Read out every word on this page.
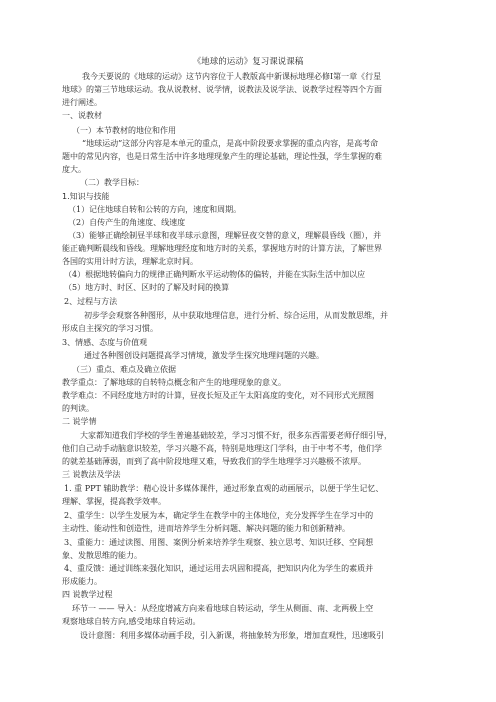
《地球的运动》复习课说课稿
我今天要说的《地球的运动》这节内容位于人教版高中新课标地理必修Ⅰ第一章《行星
地球》的第三节地球运动。我从说教材、说学情，说教法及说学法、说教学过程等四个方面
进行阐述。
一、说教材
（一）本节教材的地位和作用
“地球运动”这部分内容是本单元的重点，是高中阶段要求掌握的重点内容，是高考命
题中的常见内容，也是日常生活中许多地理现象产生的理论基础，理论性强，学生掌握的难
度大。
（二）教学目标：
1.知识与技能
（1）记住地球自转和公转的方向，速度和周期。
（2）自传产生的角速度、线速度
（3）能够正确绘制昼半球和夜半球示意图，理解昼夜交替的意义，理解晨昏线（圈），并
能正确判断晨线和昏线。理解地理经度和地方时的关系，掌握地方时的计算方法，了解世界
各国的实用计时方法，理解北京时间。
（4）根据地转偏向力的规律正确判断水平运动物体的偏转，并能在实际生活中加以应
（5）地方时、时区、区时的了解及时间的换算
2、过程与方法
初步学会观察各种图形，从中获取地理信息，进行分析、综合运用，从而发散思维，并
形成自主探究的学习习惯。
3、情感、态度与价值观
通过各种图创设问题提高学习情境，激发学生探究地理问题的兴趣。
（三）重点、难点及确立依据
教学重点：了解地球的自转特点概念和产生的地理现象的意义。
教学难点：不同经度地方时的计算，昼夜长短及正午太阳高度的变化，对不同形式光照图
的判读。
二 说学情
大家都知道我们学校的学生普遍基础较差，学习习惯不好，很多东西需要老师仔细引导，
他们自己动手动脑意识较差，学习兴趣不高，特别是地理这门学科，由于中考不考，他们学
的就差基础薄弱，而到了高中阶段地理又难，导致我们的学生地理学习兴趣极不浓厚。
三 说教法及学法
1. 重 PPT 辅助教学：精心设计多媒体课件，通过形象直观的动画展示，以便于学生记忆、
理解、掌握，提高教学效率。
2、重学生：以学生发展为本，确定学生在教学中的主体地位，充分发挥学生在学习中的
主动性、能动性和创造性，进而培养学生分析问题、解决问题的能力和创新精神。
3、重能力：通过读图、用图、案例分析来培养学生观察、独立思考、知识迁移、空间想
象、发散思维的能力。
4、重反馈：通过训练来强化知识，通过运用去巩固和提高，把知识内化为学生的素质并
形成能力。
四 说教学过程
环节一 —— 导入：从经度增减方向来看地球自转运动，学生从侧面、南、北两极上空
观察地球自转方向,感受地球自转运动。
设计意图：利用多媒体动画手段，引入新课，将抽象转为形象，增加直观性，迅速吸引
